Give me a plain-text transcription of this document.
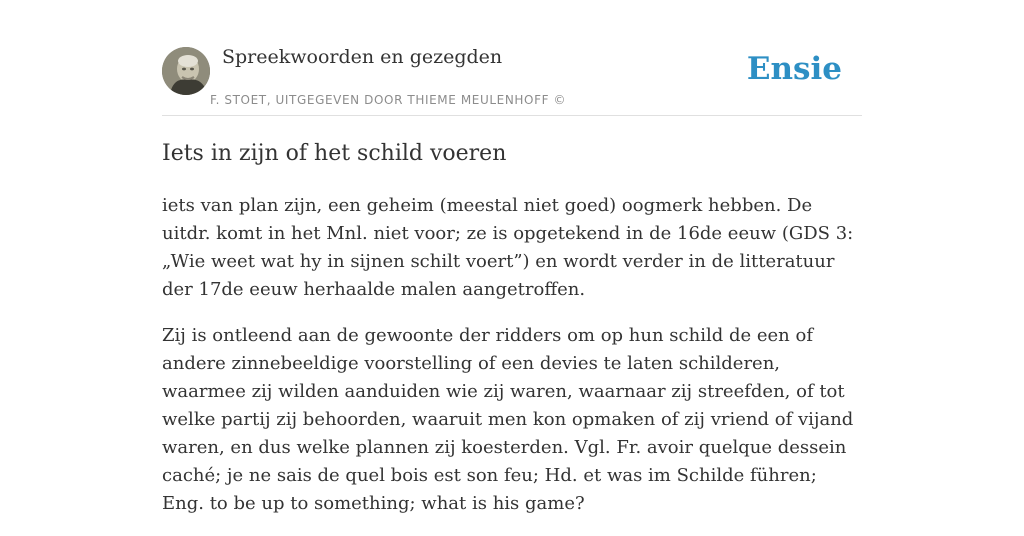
Spreekwoorden en gezegden
F. STOET, UITGEGEVEN DOOR THIEME MEULENHOFF ©
Ensie
Iets in zijn of het schild voeren

iets van plan zijn, een geheim (meestal niet goed) oogmerk hebben. De uitdr. komt in het Mnl. niet voor; ze is opgetekend in de 16de eeuw (GDS 3: „Wie weet wat hy in sijnen schilt voert”) en wordt verder in de litteratuur der 17de eeuw herhaalde malen aangetroffen.

Zij is ontleend aan de gewoonte der ridders om op hun schild de een of andere zinnebeeldige voorstelling of een devies te laten schilderen, waarmee zij wilden aanduiden wie zij waren, waarnaar zij streefden, of tot welke partij zij behoorden, waaruit men kon opmaken of zij vriend of vijand waren, en dus welke plannen zij koesterden. Vgl. Fr. avoir quelque dessein caché; je ne sais de quel bois est son feu; Hd. et was im Schilde führen; Eng. to be up to something; what is his game?
